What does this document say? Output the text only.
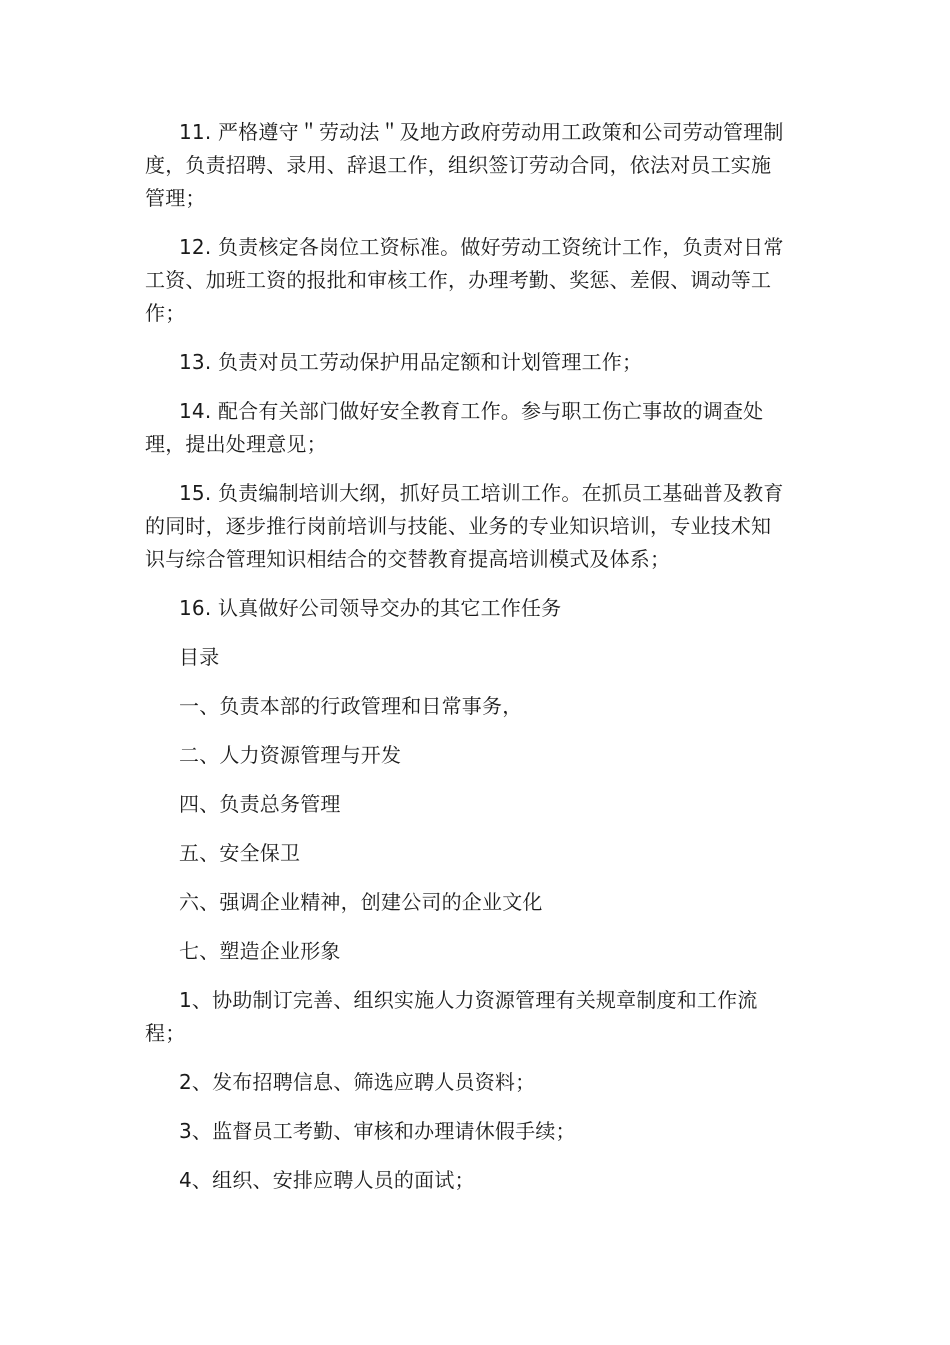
11. 严格遵守＂劳动法＂及地方政府劳动用工政策和公司劳动管理制度，负责招聘、录用、辞退工作，组织签订劳动合同，依法对员工实施管理；

12. 负责核定各岗位工资标准。做好劳动工资统计工作，负责对日常工资、加班工资的报批和审核工作，办理考勤、奖惩、差假、调动等工作；

13. 负责对员工劳动保护用品定额和计划管理工作；

14. 配合有关部门做好安全教育工作。参与职工伤亡事故的调查处理，提出处理意见；

15. 负责编制培训大纲，抓好员工培训工作。在抓员工基础普及教育的同时，逐步推行岗前培训与技能、业务的专业知识培训，专业技术知识与综合管理知识相结合的交替教育提高培训模式及体系；

16. 认真做好公司领导交办的其它工作任务

目录

一、负责本部的行政管理和日常事务，

二、人力资源管理与开发

四、负责总务管理

五、安全保卫

六、强调企业精神，创建公司的企业文化

七、塑造企业形象

1、协助制订完善、组织实施人力资源管理有关规章制度和工作流程；

2、发布招聘信息、筛选应聘人员资料；

3、监督员工考勤、审核和办理请休假手续；

4、组织、安排应聘人员的面试；
